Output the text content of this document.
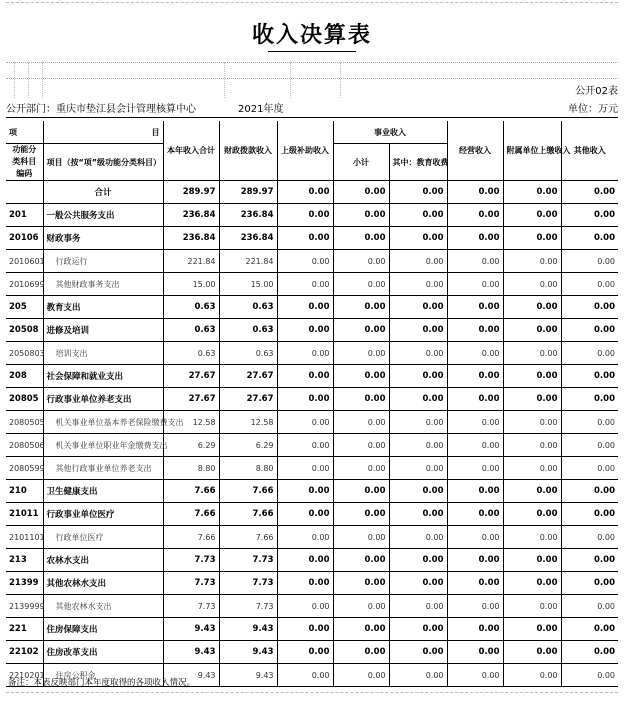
收入决算表
公开02表
公开部门：重庆市垫江县会计管理核算中心	2021年度	单位：万元
项	目	本年收入合计	财政拨款收入	上级补助收入	事业收入		经营收入	附属单位上缴收入	其他收入
功能分类科目编码	项目（按“项”级功能分类科目）								
					小计	其中：教育收费			

	合计	289.97	289.97	0.00	0.00	0.00	0.00	0.00	0.00
201	一般公共服务支出	236.84	236.84	0.00	0.00	0.00	0.00	0.00	0.00
20106	财政事务	236.84	236.84	0.00	0.00	0.00	0.00	0.00	0.00
2010601	行政运行	221.84	221.84	0.00	0.00	0.00	0.00	0.00	0.00
2010699	其他财政事务支出	15.00	15.00	0.00	0.00	0.00	0.00	0.00	0.00
205	教育支出	0.63	0.63	0.00	0.00	0.00	0.00	0.00	0.00
20508	进修及培训	0.63	0.63	0.00	0.00	0.00	0.00	0.00	0.00
2050803	培训支出	0.63	0.63	0.00	0.00	0.00	0.00	0.00	0.00
208	社会保障和就业支出	27.67	27.67	0.00	0.00	0.00	0.00	0.00	0.00
20805	行政事业单位养老支出	27.67	27.67	0.00	0.00	0.00	0.00	0.00	0.00
2080505	机关事业单位基本养老保险缴费支出	12.58	12.58	0.00	0.00	0.00	0.00	0.00	0.00
2080506	机关事业单位职业年金缴费支出	6.29	6.29	0.00	0.00	0.00	0.00	0.00	0.00
2080599	其他行政事业单位养老支出	8.80	8.80	0.00	0.00	0.00	0.00	0.00	0.00
210	卫生健康支出	7.66	7.66	0.00	0.00	0.00	0.00	0.00	0.00
21011	行政事业单位医疗	7.66	7.66	0.00	0.00	0.00	0.00	0.00	0.00
2101101	行政单位医疗	7.66	7.66	0.00	0.00	0.00	0.00	0.00	0.00
213	农林水支出	7.73	7.73	0.00	0.00	0.00	0.00	0.00	0.00
21399	其他农林水支出	7.73	7.73	0.00	0.00	0.00	0.00	0.00	0.00
2139999	其他农林水支出	7.73	7.73	0.00	0.00	0.00	0.00	0.00	0.00
221	住房保障支出	9.43	9.43	0.00	0.00	0.00	0.00	0.00	0.00
22102	住房改革支出	9.43	9.43	0.00	0.00	0.00	0.00	0.00	0.00
2210201	住房公积金	9.43	9.43	0.00	0.00	0.00	0.00	0.00	0.00
备注：本表反映部门本年度取得的各项收入情况。
